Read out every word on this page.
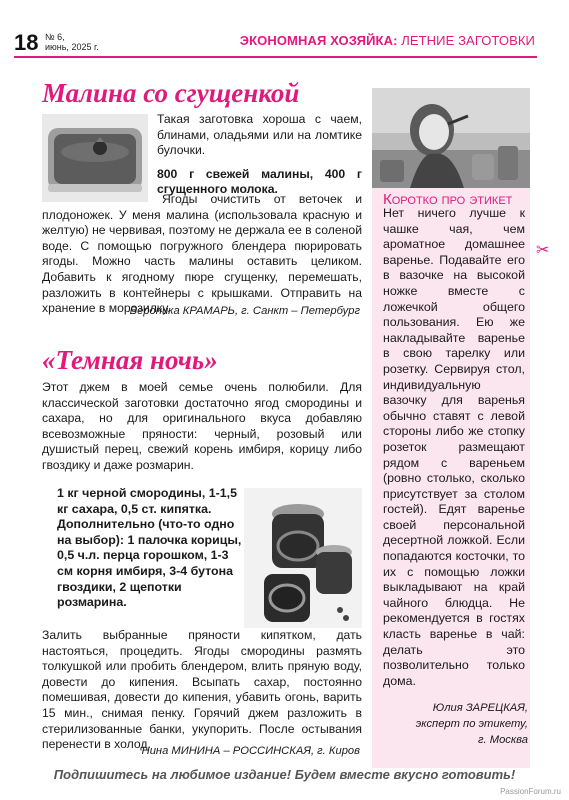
18 № 6,
июнь, 2025 г.	ЭКОНОМНАЯ ХОЗЯЙКА: ЛЕТНИЕ ЗАГОТОВКИ
✂
Малина со сгущенкой
Такая заготовка хороша с чаем, блинами, оладьями или на ломтике булочки.
800 г свежей малины, 400 г сгущенного молока.
Ягоды очистить от веточек и плодоножек. У меня малина (использовала красную и желтую) не червивая, поэтому не держала ее в соленой воде. С помощью погружного блендера пюрировать ягоды. Можно часть малины оставить целиком. Добавить к ягодному пюре сгущенку, перемешать, разложить в контейнеры с крышками. Отправить на хранение в морозилку.
Вероника КРАМАРЬ, г. Санкт – Петербург
«Темная ночь»
Этот джем в моей семье очень полюбили. Для классической заготовки достаточно ягод смородины и сахара, но для оригинального вкуса добавляю всевозможные пряности: черный, розовый или душистый перец, свежий корень имбиря, корицу либо гвоздику и даже розмарин.
1 кг черной смородины, 1-1,5 кг сахара, 0,5 ст. кипятка. Дополнительно (что-то одно на выбор): 1 палочка корицы, 0,5 ч.л. перца горошком, 1-3 см корня имбиря, 3-4 бутона гвоздики, 2 щепотки розмарина.
Залить выбранные пряности кипятком, дать настояться, процедить. Ягоды смородины размять толкушкой или пробить блендером, влить пряную воду, довести до кипения. Всыпать сахар, постоянно помешивая, довести до кипения, убавить огонь, варить 15 мин., снимая пенку. Горячий джем разложить в стерилизованные банки, укупорить. После остывания перенести в холод.
Нина МИНИНА – РОССИНСКАЯ, г. Киров
Коротко про этикет
Нет ничего лучше к чашке чая, чем ароматное домашнее варенье. Подавайте его в вазочке на высокой ножке вместе с ложечкой общего пользования. Ею же накладывайте варенье в свою тарелку или розетку. Сервируя стол, индивидуальную вазочку для варенья обычно ставят с левой стороны либо же стопку розеток размещают рядом с вареньем (ровно столько, сколько присутствует за столом гостей). Едят варенье своей персональной десертной ложкой. Если попадаются косточки, то их с помощью ложки выкладывают на край чайного блюдца. Не рекомендуется в гостях класть варенье в чай: делать это позволительно только дома.
Юлия ЗАРЕЦКАЯ,
эксперт по этикету,
г. Москва
Подпишитесь на любимое издание! Будем вместе вкусно готовить!
PassionForum.ru
